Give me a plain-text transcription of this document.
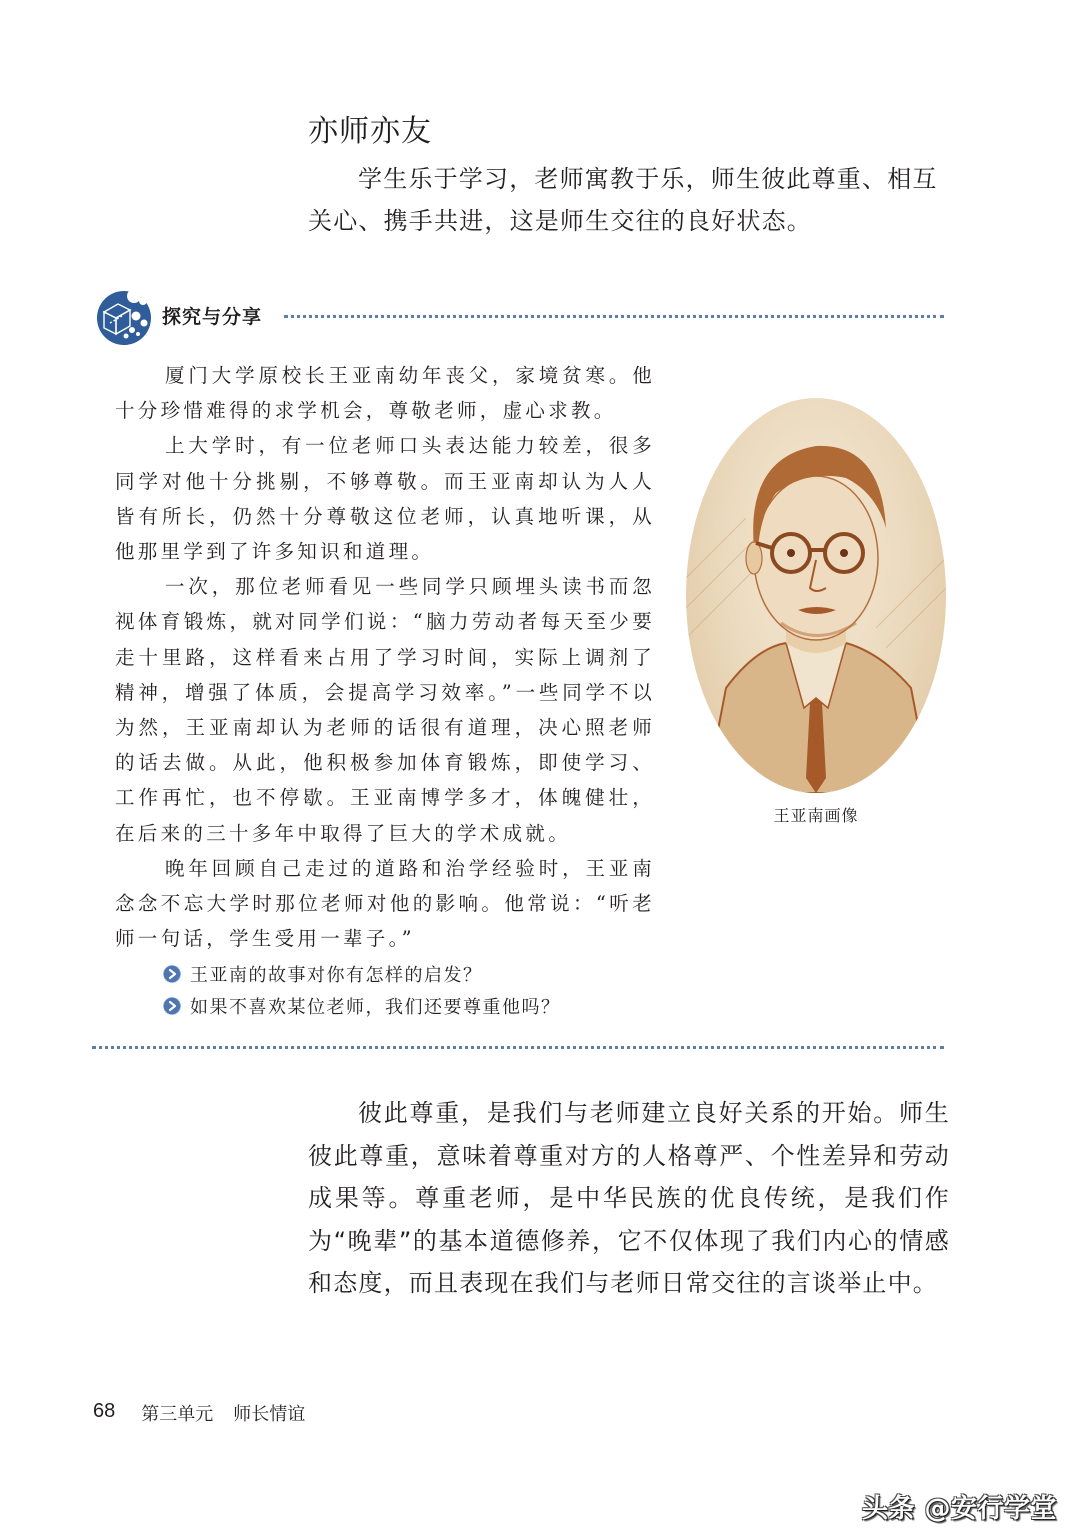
亦师亦友
学生乐于学习，老师寓教于乐，师生彼此尊重、相互关心、携手共进，这是师生交往的良好状态。
探究与分享

厦门大学原校长王亚南幼年丧父，家境贫寒。他十分珍惜难得的求学机会，尊敬老师，虚心求教。

上大学时，有一位老师口头表达能力较差，很多同学对他十分挑剔，不够尊敬。而王亚南却认为人人皆有所长，仍然十分尊敬这位老师，认真地听课，从他那里学到了许多知识和道理。

一次，那位老师看见一些同学只顾埋头读书而忽视体育锻炼，就对同学们说：“脑力劳动者每天至少要走十里路，这样看来占用了学习时间，实际上调剂了精神，增强了体质，会提高学习效率。”一些同学不以为然，王亚南却认为老师的话很有道理，决心照老师的话去做。从此，他积极参加体育锻炼，即使学习、工作再忙，也不停歇。王亚南博学多才，体魄健壮，在后来的三十多年中取得了巨大的学术成就。

晚年回顾自己走过的道路和治学经验时，王亚南念念不忘大学时那位老师对他的影响。他常说：“听老师一句话，学生受用一辈子。”

王亚南画像
王亚南的故事对你有怎样的启发？
如果不喜欢某位老师，我们还要尊重他吗？
彼此尊重，是我们与老师建立良好关系的开始。师生彼此尊重，意味着尊重对方的人格尊严、个性差异和劳动成果等。尊重老师，是中华民族的优良传统，是我们作为“晚辈”的基本道德修养，它不仅体现了我们内心的情感和态度，而且表现在我们与老师日常交往的言谈举止中。
68 第三单元 师长情谊
头条 @安行学堂
